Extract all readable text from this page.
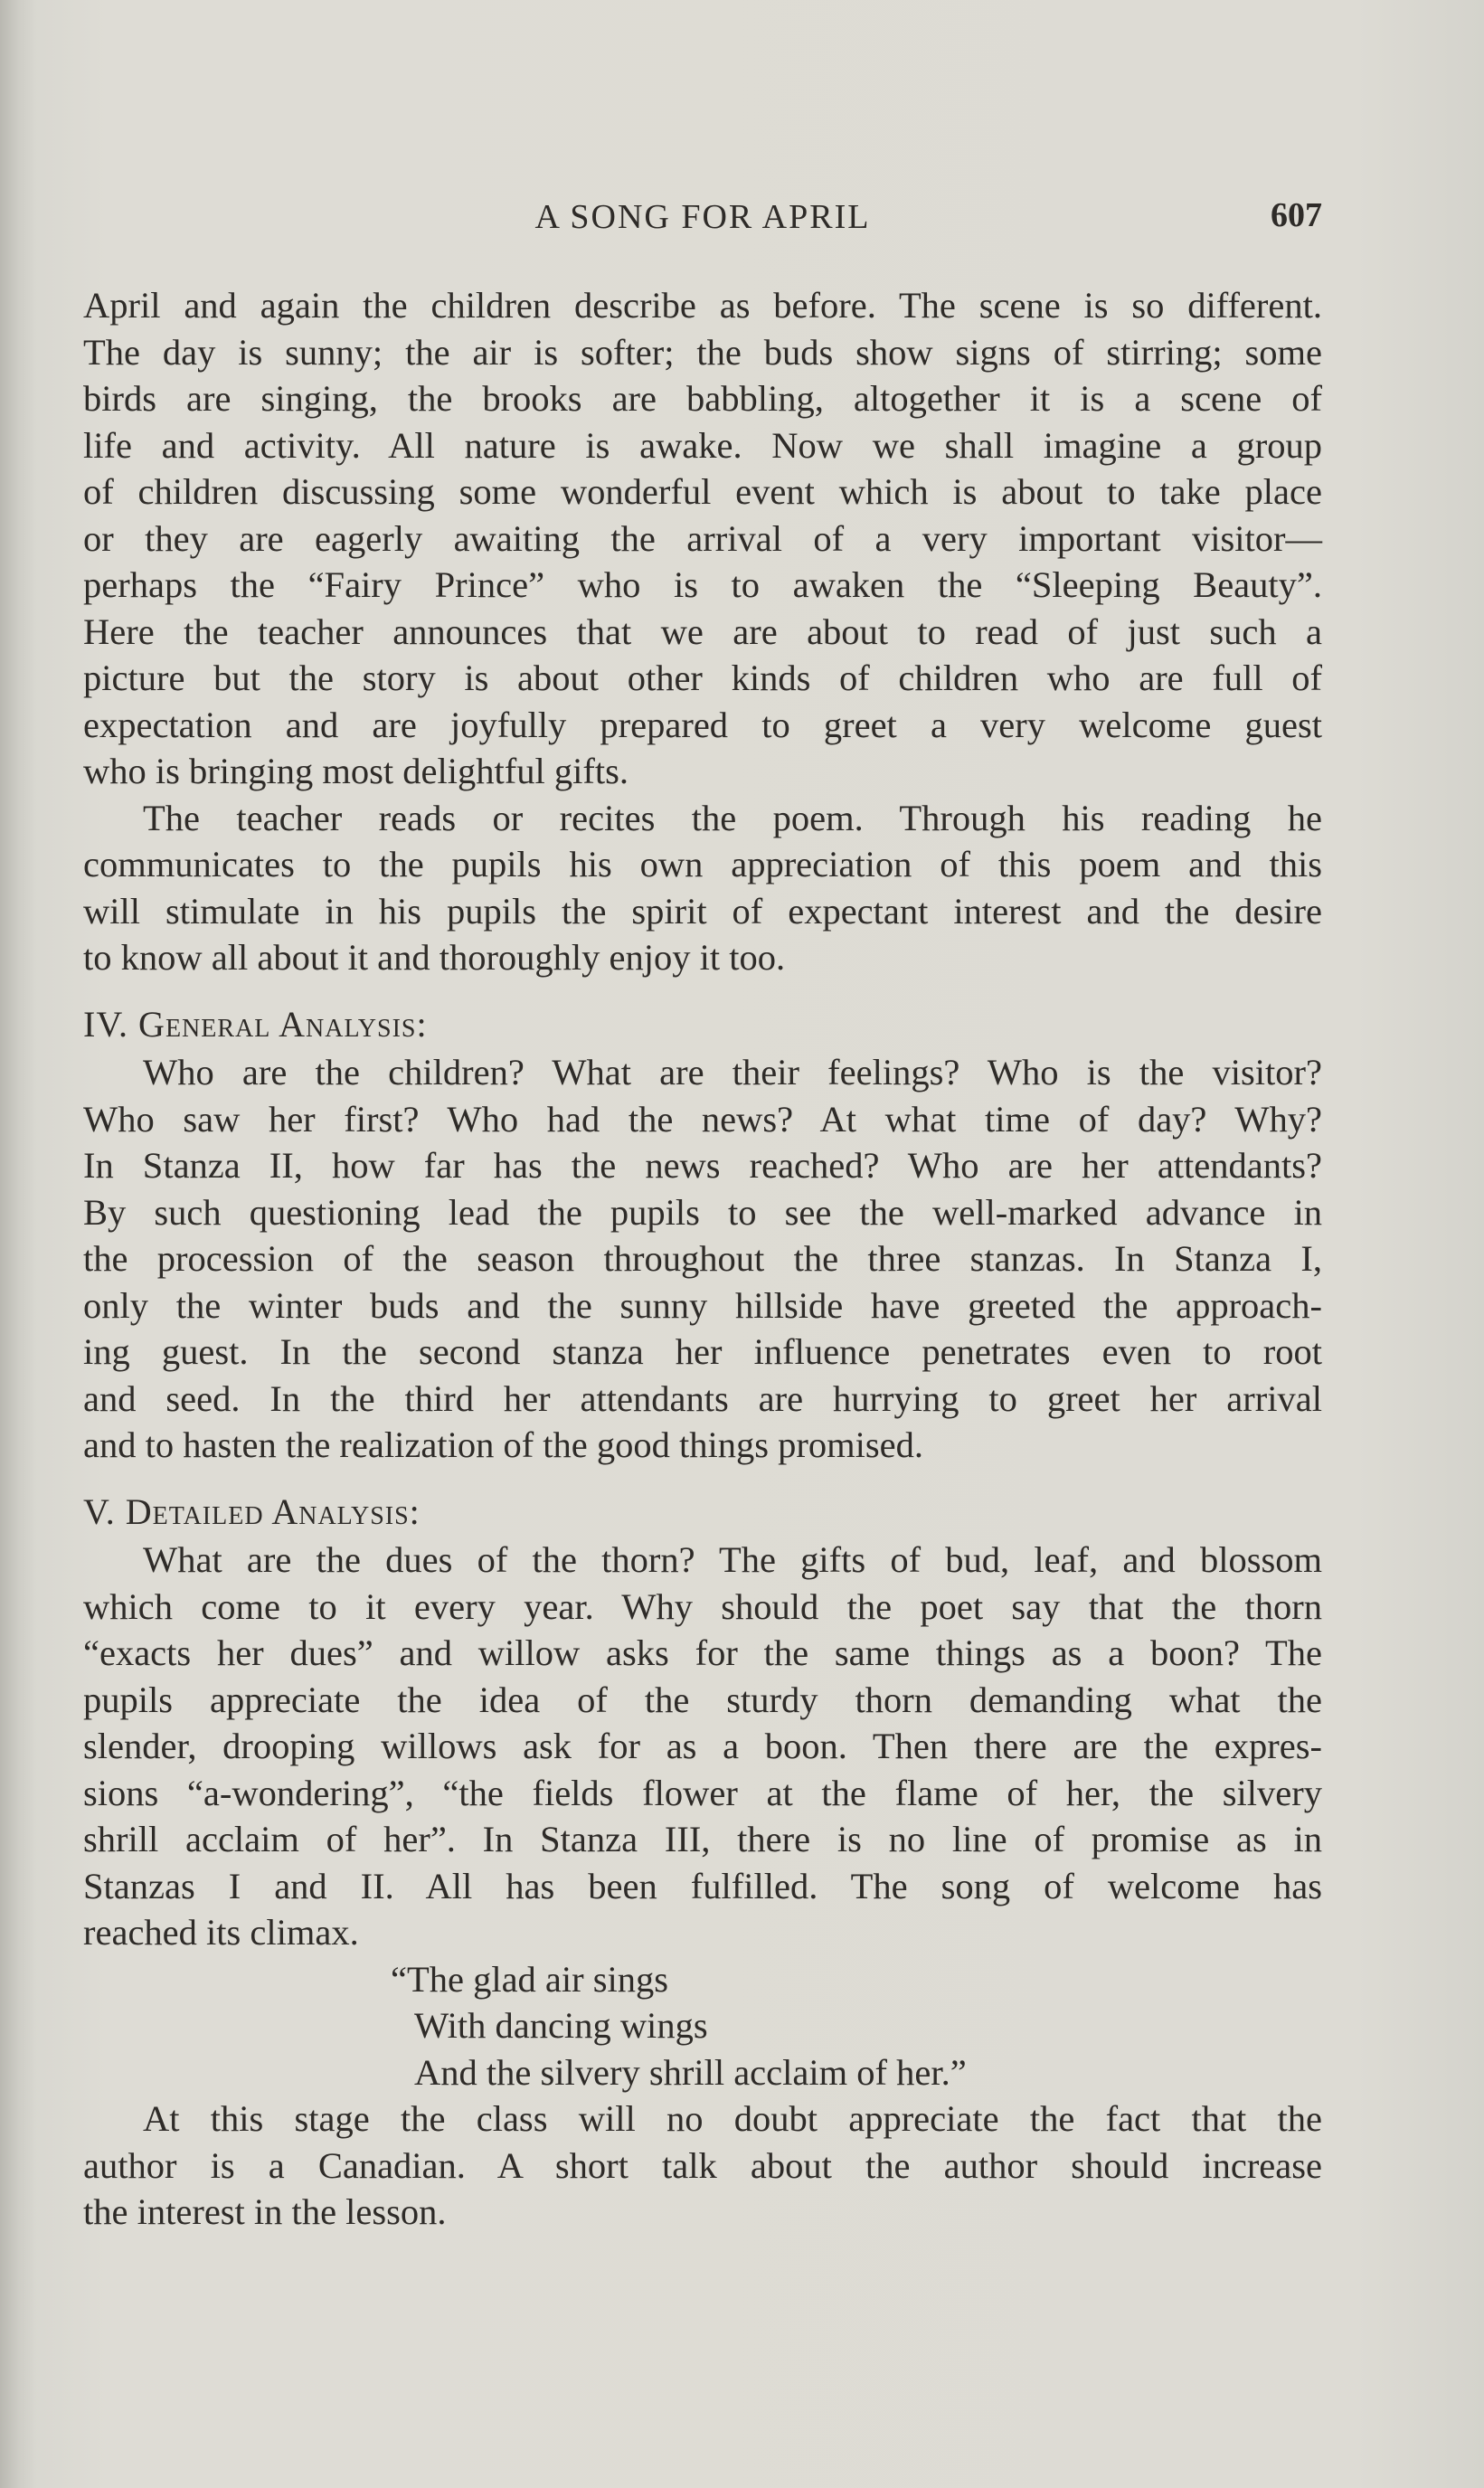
A SONG FOR APRIL	607
April and again the children describe as before. The scene is so different.
The day is sunny; the air is softer; the buds show signs of stirring; some
birds are singing, the brooks are babbling, altogether it is a scene of
life and activity. All nature is awake. Now we shall imagine a group
of children discussing some wonderful event which is about to take place
or they are eagerly awaiting the arrival of a very important visitor—
perhaps the “Fairy Prince” who is to awaken the “Sleeping Beauty”.
Here the teacher announces that we are about to read of just such a
picture but the story is about other kinds of children who are full of
expectation and are joyfully prepared to greet a very welcome guest
who is bringing most delightful gifts.
The teacher reads or recites the poem. Through his reading he
communicates to the pupils his own appreciation of this poem and this
will stimulate in his pupils the spirit of expectant interest and the desire
to know all about it and thoroughly enjoy it too.
IV. General Analysis:
Who are the children? What are their feelings? Who is the visitor?
Who saw her first? Who had the news? At what time of day? Why?
In Stanza II, how far has the news reached? Who are her attendants?
By such questioning lead the pupils to see the well-marked advance in
the procession of the season throughout the three stanzas. In Stanza I,
only the winter buds and the sunny hillside have greeted the approach-
ing guest. In the second stanza her influence penetrates even to root
and seed. In the third her attendants are hurrying to greet her arrival
and to hasten the realization of the good things promised.
V. Detailed Analysis:
What are the dues of the thorn? The gifts of bud, leaf, and blossom
which come to it every year. Why should the poet say that the thorn
“exacts her dues” and willow asks for the same things as a boon? The
pupils appreciate the idea of the sturdy thorn demanding what the
slender, drooping willows ask for as a boon. Then there are the expres-
sions “a-wondering”, “the fields flower at the flame of her, the silvery
shrill acclaim of her”. In Stanza III, there is no line of promise as in
Stanzas I and II. All has been fulfilled. The song of welcome has
reached its climax.
“The glad air sings
With dancing wings
And the silvery shrill acclaim of her.”
At this stage the class will no doubt appreciate the fact that the
author is a Canadian. A short talk about the author should increase
the interest in the lesson.
